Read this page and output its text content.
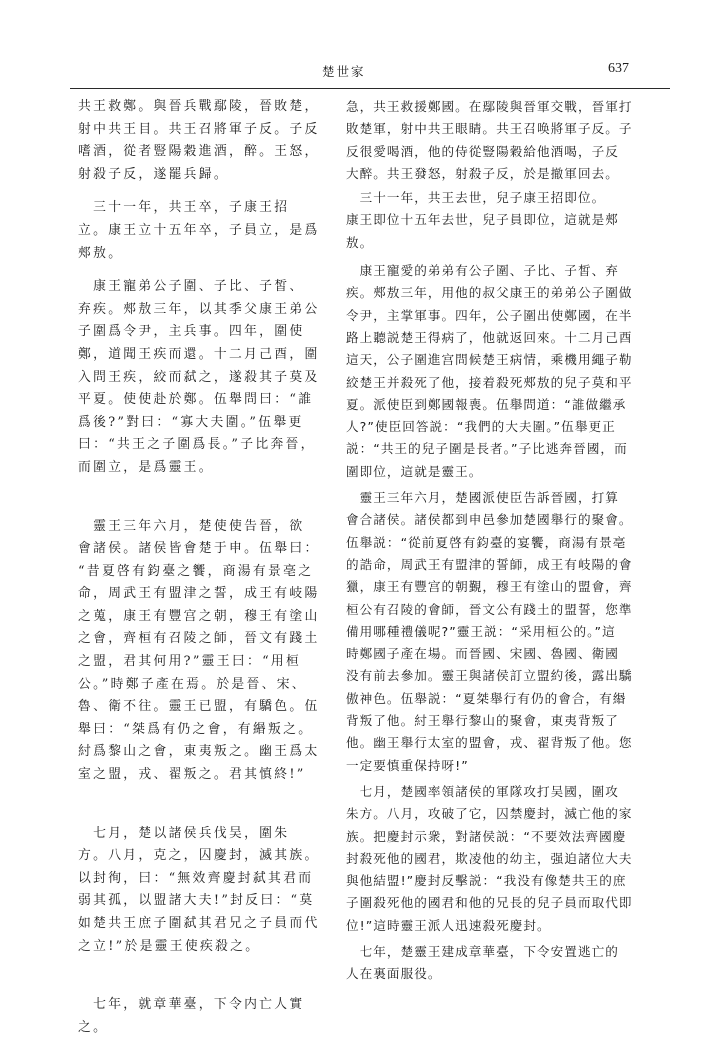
楚世家	637

共王救鄭。與晉兵戰鄢陵，晉敗楚，
射中共王目。共王召將軍子反。子反
嗜酒，從者豎陽穀進酒，醉。王怒，
射殺子反，遂罷兵歸。

　三十一年，共王卒，子康王招
立。康王立十五年卒，子員立，是爲
郟敖。

　康王寵弟公子圍、子比、子皙、
弃疾。郟敖三年，以其季父康王弟公
子圍爲令尹，主兵事。四年，圍使
鄭，道聞王疾而還。十二月己酉，圍
入問王疾，絞而弑之，遂殺其子莫及
平夏。使使赴於鄭。伍舉問曰：“誰
爲後?”對曰：“寡大夫圍。”伍舉更
曰：“共王之子圍爲長。”子比奔晉，
而圍立，是爲靈王。

　靈王三年六月，楚使使告晉，欲
會諸侯。諸侯皆會楚于申。伍舉曰：
“昔夏啓有鈞臺之饗，商湯有景亳之
命，周武王有盟津之誓，成王有岐陽
之蒐，康王有豐宫之朝，穆王有塗山
之會，齊桓有召陵之師，晉文有踐土
之盟，君其何用?”靈王曰：“用桓
公。”時鄭子產在焉。於是晉、宋、
魯、衛不往。靈王已盟，有驕色。伍
舉曰：“桀爲有仍之會，有緡叛之。
紂爲黎山之會，東夷叛之。幽王爲太
室之盟，戎、翟叛之。君其慎終!”

　七月，楚以諸侯兵伐吴，圍朱
方。八月，克之，囚慶封，滅其族。
以封徇，曰：“無效齊慶封弑其君而
弱其孤，以盟諸大夫!”封反曰：“莫
如楚共王庶子圍弑其君兄之子員而代
之立!”於是靈王使疾殺之。

　七年，就章華臺，下令内亡人實
之。

急，共王救援鄭國。在鄢陵與晉軍交戰，晉軍打
敗楚軍，射中共王眼睛。共王召唤將軍子反。子
反很愛喝酒，他的侍從豎陽穀給他酒喝，子反
大醉。共王發怒，射殺子反，於是撤軍回去。

　三十一年，共王去世，兒子康王招即位。
康王即位十五年去世，兒子員即位，這就是郟
敖。

　康王寵愛的弟弟有公子圍、子比、子皙、弃
疾。郟敖三年，用他的叔父康王的弟弟公子圍做
令尹，主掌軍事。四年，公子圍出使鄭國，在半
路上聽説楚王得病了，他就返回來。十二月己酉
這天，公子圍進宫問候楚王病情，乘機用繩子勒
絞楚王并殺死了他，接着殺死郟敖的兒子莫和平
夏。派使臣到鄭國報喪。伍舉問道：“誰做繼承
人?”使臣回答説：“我們的大夫圍。”伍舉更正
説：“共王的兒子圍是長者。”子比逃奔晉國，而
圍即位，這就是靈王。

　靈王三年六月，楚國派使臣告訴晉國，打算
會合諸侯。諸侯都到申邑參加楚國舉行的聚會。
伍舉説：“從前夏啓有鈞臺的宴饗，商湯有景亳
的誥命，周武王有盟津的誓師，成王有岐陽的會
獵，康王有豐宫的朝覲，穆王有塗山的盟會，齊
桓公有召陵的會師，晉文公有踐土的盟誓，您準
備用哪種禮儀呢?”靈王説：“采用桓公的。”這
時鄭國子產在場。而晉國、宋國、魯國、衛國
没有前去參加。靈王與諸侯訂立盟約後，露出驕
傲神色。伍舉説：“夏桀舉行有仍的會合，有緡
背叛了他。紂王舉行黎山的聚會，東夷背叛了
他。幽王舉行太室的盟會，戎、翟背叛了他。您
一定要慎重保持呀!”

　七月，楚國率領諸侯的軍隊攻打吴國，圍攻
朱方。八月，攻破了它，囚禁慶封，滅亡他的家
族。把慶封示衆，對諸侯説：“不要效法齊國慶
封殺死他的國君，欺凌他的幼主，强迫諸位大夫
與他結盟!”慶封反擊説：“我没有像楚共王的庶
子圍殺死他的國君和他的兄長的兒子員而取代即
位!”這時靈王派人迅速殺死慶封。

　七年，楚靈王建成章華臺，下令安置逃亡的
人在裏面服役。
